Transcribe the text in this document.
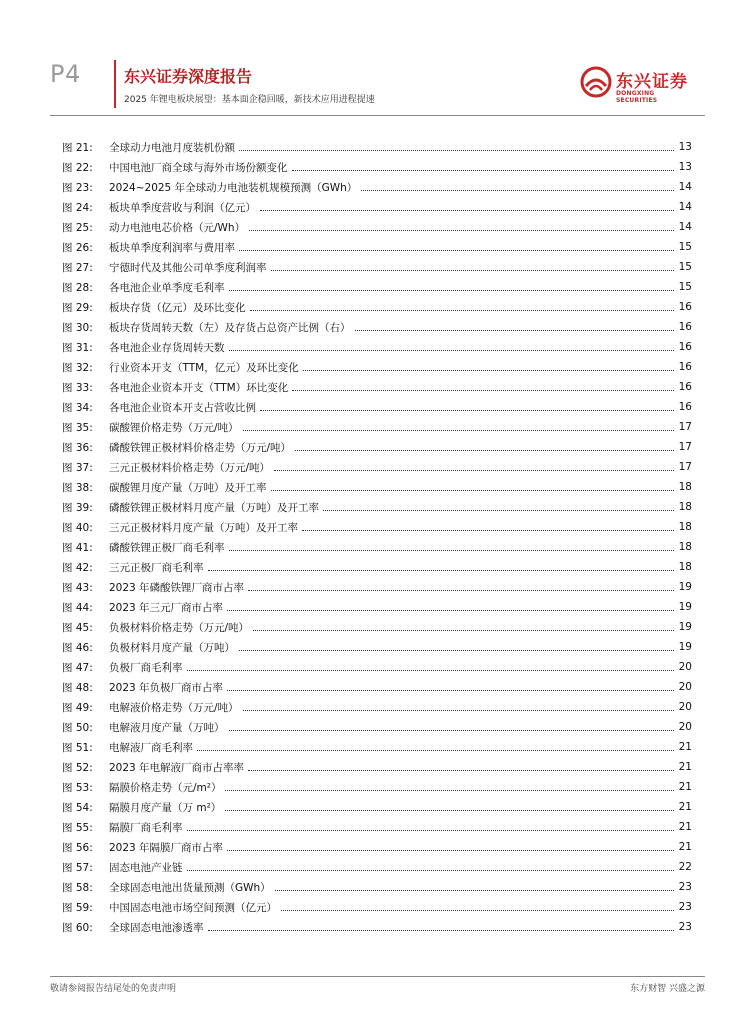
P4	东兴证券深度报告
2025 年锂电板块展望：基本面企稳回暖，新技术应用进程提速
东兴证券
DONGXING SECURITIES
图 21:	全球动力电池月度装机份额	13
图 22:	中国电池厂商全球与海外市场份额变化	13
图 23:	2024~2025 年全球动力电池装机规模预测（GWh）	14
图 24:	板块单季度营收与利润（亿元）	14
图 25:	动力电池电芯价格（元/Wh）	14
图 26:	板块单季度利润率与费用率	15
图 27:	宁德时代及其他公司单季度利润率	15
图 28:	各电池企业单季度毛利率	15
图 29:	板块存货（亿元）及环比变化	16
图 30:	板块存货周转天数（左）及存货占总资产比例（右）	16
图 31:	各电池企业存货周转天数	16
图 32:	行业资本开支（TTM，亿元）及环比变化	16
图 33:	各电池企业资本开支（TTM）环比变化	16
图 34:	各电池企业资本开支占营收比例	16
图 35:	碳酸锂价格走势（万元/吨）	17
图 36:	磷酸铁锂正极材料价格走势（万元/吨）	17
图 37:	三元正极材料价格走势（万元/吨）	17
图 38:	碳酸锂月度产量（万吨）及开工率	18
图 39:	磷酸铁锂正极材料月度产量（万吨）及开工率	18
图 40:	三元正极材料月度产量（万吨）及开工率	18
图 41:	磷酸铁锂正极厂商毛利率	18
图 42:	三元正极厂商毛利率	18
图 43:	2023 年磷酸铁锂厂商市占率	19
图 44:	2023 年三元厂商市占率	19
图 45:	负极材料价格走势（万元/吨）	19
图 46:	负极材料月度产量（万吨）	19
图 47:	负极厂商毛利率	20
图 48:	2023 年负极厂商市占率	20
图 49:	电解液价格走势（万元/吨）	20
图 50:	电解液月度产量（万吨）	20
图 51:	电解液厂商毛利率	21
图 52:	2023 年电解液厂商市占率率	21
图 53:	隔膜价格走势（元/m²）	21
图 54:	隔膜月度产量（万 m²）	21
图 55:	隔膜厂商毛利率	21
图 56:	2023 年隔膜厂商市占率	21
图 57:	固态电池产业链	22
图 58:	全球固态电池出货量预测（GWh）	23
图 59:	中国固态电池市场空间预测（亿元）	23
图 60:	全球固态电池渗透率	23
敬请参阅报告结尾处的免责声明	东方财智 兴盛之源
